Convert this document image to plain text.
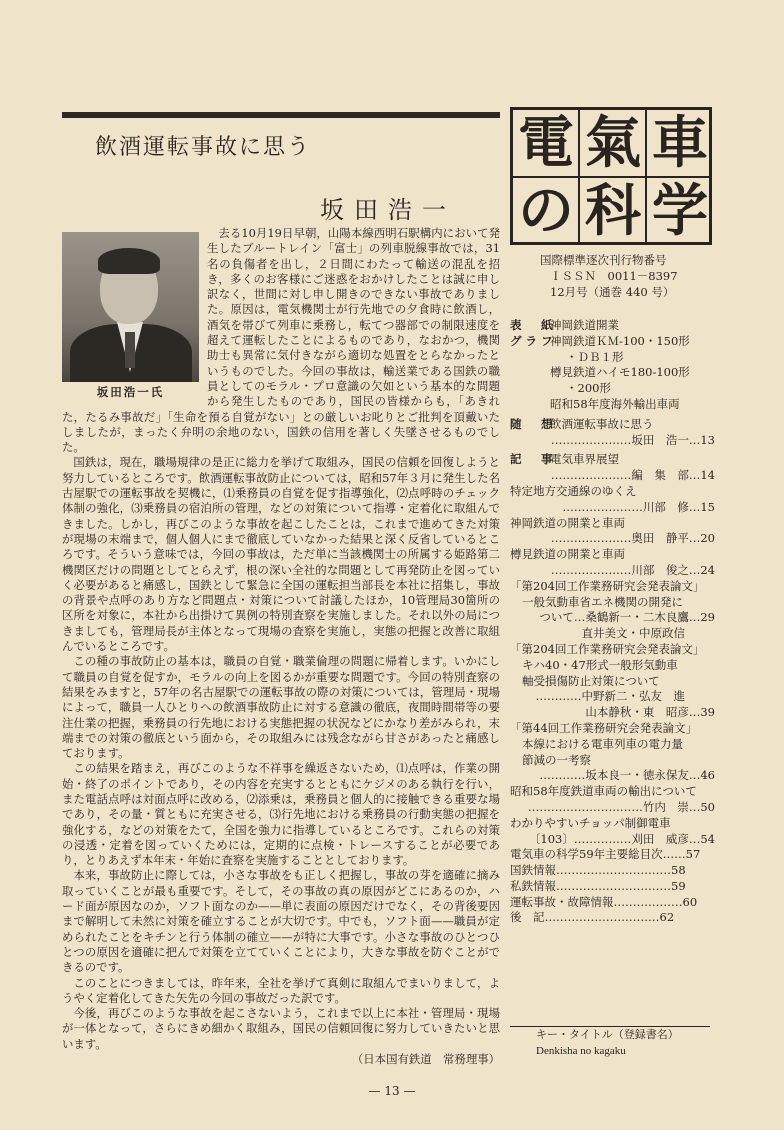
飲酒運転事故に思う
坂田浩一
坂田浩一氏

去る10月19日早朝，山陽本線西明石駅構内において発生したブルートレイン「富士」の列車脱線事故では，31名の負傷者を出し，２日間にわたって輸送の混乱を招き，多くのお客様にご迷惑をおかけしたことは誠に申し訳なく，世間に対し申し開きのできない事故でありました。原因は，電気機関士が行先地での夕食時に飲酒し，酒気を帯びて列車に乗務し，転てつ器部での制限速度を超えて運転したことによるものであり，なおかつ，機関助士も異常に気付きながら適切な処置をとらなかったというものでした。今回の事故は，輸送業である国鉄の職員としてのモラル・プロ意識の欠如という基本的な問題から発生したものであり，国民の皆様からも，「あきれた，たるみ事故だ」「生命を預る自覚がない」との厳しいお叱りとご批判を頂戴いたしましたが，まったく弁明の余地のない，国鉄の信用を著しく失墜させるものでした。

国鉄は，現在，職場規律の是正に総力を挙げて取組み，国民の信頼を回復しようと努力しているところです。飲酒運転事故防止については，昭和57年３月に発生した名古屋駅での運転事故を契機に，⑴乗務員の自覚を促す指導強化，⑵点呼時のチェック体制の強化，⑶乗務員の宿泊所の管理，などの対策について指導・定着化に取組んできました。しかし，再びこのような事故を起こしたことは，これまで進めてきた対策が現場の末端まで，個人個人にまで徹底していなかった結果と深く反省しているところです。そういう意味では，今回の事故は，ただ単に当該機関士の所属する姫路第二機関区だけの問題としてとらえず，根の深い全社的な問題として再発防止を図っていく必要があると痛感し，国鉄として緊急に全国の運転担当部長を本社に招集し，事故の背景や点呼のあり方など問題点・対策について討議したほか，10管理局30箇所の区所を対象に，本社から出掛けて異例の特別査察を実施しました。それ以外の局につきましても，管理局長が主体となって現場の査察を実施し，実態の把握と改善に取組んでいるところです。

この種の事故防止の基本は，職員の自覚・職業倫理の問題に帰着します。いかにして職員の自覚を促すか，モラルの向上を図るかが重要な問題です。今回の特別査察の結果をみますと，57年の名古屋駅での運転事故の際の対策については，管理局・現場によって，職員一人ひとりへの飲酒事故防止に対する意識の徹底，夜間時間帯等の要注仕業の把握，乗務員の行先地における実態把握の状況などにかなり差がみられ，末端までの対策の徹底という面から，その取組みには残念ながら甘さがあったと痛感しております。

この結果を踏まえ，再びこのような不祥事を繰返さないため，⑴点呼は，作業の開始・終了のポイントであり，その内容を充実するとともにケジメのある執行を行い，また電話点呼は対面点呼に改める，⑵添乗は，乗務員と個人的に接触できる重要な場であり，その量・質ともに充実させる，⑶行先地における乗務員の行動実態の把握を強化する，などの対策をたて，全国を強力に指導しているところです。これらの対策の浸透・定着を図っていくためには，定期的に点検・トレースすることが必要であり，とりあえず本年末・年始に査察を実施することとしております。

本来，事故防止に際しては，小さな事故をも正しく把握し，事故の芽を適確に摘み取っていくことが最も重要です。そして，その事故の真の原因がどこにあるのか，ハード面が原因なのか，ソフト面なのか——単に表面の原因だけでなく，その背後要因まで解明して未然に対策を確立することが大切です。中でも，ソフト面——職員が定められたことをキチンと行う体制の確立——が特に大事です。小さな事故のひとつひとつの原因を適確に把んで対策を立てていくことにより，大きな事故を防ぐことができるのです。

このことにつきましては，昨年来，全社を挙げて真剣に取組んでまいりまして，ようやく定着化してきた矢先の今回の事故だった訳です。

今後，再びこのような事故を起こさないよう，これまで以上に本社・管理局・現場が一体となって，さらにきめ細かく取組み，国民の信頼回復に努力していきたいと思います。

（日本国有鉄道　常務理事）

電 氣 車
の 科 学
国際標準逐次刊行物番号
ＩＳＳＮ　0011－8397
12月号（通巻 440 号）
表　紙神岡鉄道開業
グラフ神岡鉄道ＫＭ-100・150形
・ＤＢ１形
樽見鉄道ハイモ180-100形
・200形
昭和58年度海外輸出車両
随　想飲酒運転事故に思う
…………………坂田　浩一…13
記　事電気車界展望
…………………編　集　部…14
特定地方交通線のゆくえ
…………………川部　修…15
神岡鉄道の開業と車両
…………………奥田　静平…20
樽見鉄道の開業と車両
…………………川部　俊之…24
「第204回工作業務研究会発表論文」
一般気動車省エネ機関の開発に
ついて…桑鶴新一・二木良鷹…29
直井美文・中原政信
「第204回工作業務研究会発表論文」
キハ40・47形式一般形気動車
軸受損傷防止対策について
…………中野新二・弘友　進
山本静秋・東　昭彦…39
「第44回工作業務研究会発表論文」
本線における電車列車の電力量
節減の一考察
…………坂本良一・徳永保友…46
昭和58年度鉄道車両の輸出について
…………………………竹内　崇…50
わかりやすいチョッパ制御電車
〔103〕……………刈田　威彦…54
電気車の科学59年主要総目次……57
国鉄情報…………………………58
私鉄情報…………………………59
運転事故・故障情報………………60
後　記…………………………62
キー・タイトル（登録書名）
Denkisha no kagaku
— 13 —
